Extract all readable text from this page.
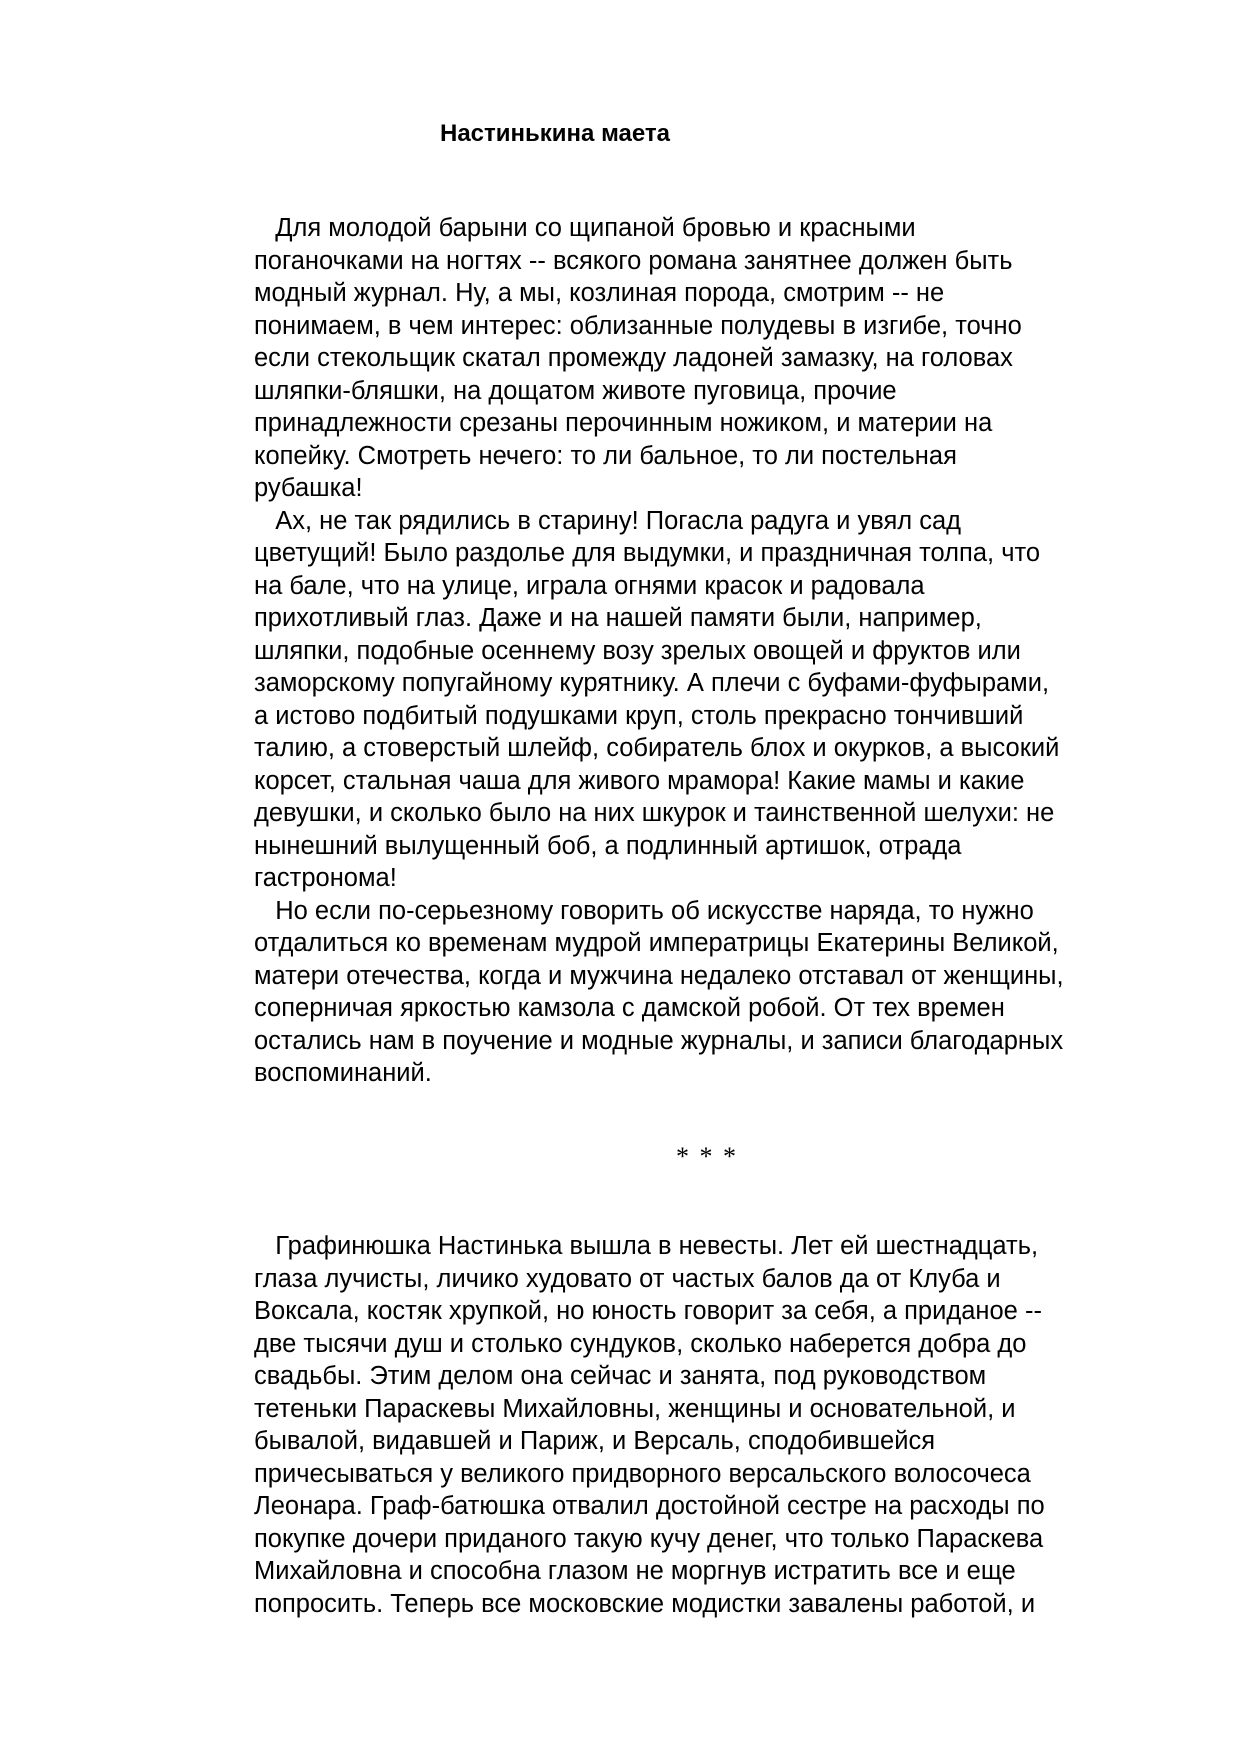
Настинькина маета
Для молодой барыни со щипаной бровью и красными
поганочками на ногтях -- всякого романа занятнее должен быть
модный журнал. Ну, а мы, козлиная порода, смотрим -- не
понимаем, в чем интерес: облизанные полудевы в изгибе, точно
если стекольщик скатал промежду ладоней замазку, на головах
шляпки-бляшки, на дощатом животе пуговица, прочие
принадлежности срезаны перочинным ножиком, и материи на
копейку. Смотреть нечего: то ли бальное, то ли постельная
рубашка!
Ах, не так рядились в старину! Погасла радуга и увял сад
цветущий! Было раздолье для выдумки, и праздничная толпа, что
на бале, что на улице, играла огнями красок и радовала
прихотливый глаз. Даже и на нашей памяти были, например,
шляпки, подобные осеннему возу зрелых овощей и фруктов или
заморскому попугайному курятнику. А плечи с буфами-фуфырами,
а истово подбитый подушками круп, столь прекрасно тончивший
талию, а стоверстый шлейф, собиратель блох и окурков, а высокий
корсет, стальная чаша для живого мрамора! Какие мамы и какие
девушки, и сколько было на них шкурок и таинственной шелухи: не
нынешний вылущенный боб, а подлинный артишок, отрада
гастронома!
Но если по-серьезному говорить об искусстве наряда, то нужно
отдалиться ко временам мудрой императрицы Екатерины Великой,
матери отечества, когда и мужчина недалеко отставал от женщины,
соперничая яркостью камзола с дамской робой. От тех времен
остались нам в поучение и модные журналы, и записи благодарных
воспоминаний.
* * *
Графинюшка Настинька вышла в невесты. Лет ей шестнадцать,
глаза лучисты, личико худовато от частых балов да от Клуба и
Воксала, костяк хрупкой, но юность говорит за себя, а приданое --
две тысячи душ и столько сундуков, сколько наберется добра до
свадьбы. Этим делом она сейчас и занята, под руководством
тетеньки Параскевы Михайловны, женщины и основательной, и
бывалой, видавшей и Париж, и Версаль, сподобившейся
причесываться у великого придворного версальского волосочеса
Леонара. Граф-батюшка отвалил достойной сестре на расходы по
покупке дочери приданого такую кучу денег, что только Параскева
Михайловна и способна глазом не моргнув истратить все и еще
попросить. Теперь все московские модистки завалены работой, и
